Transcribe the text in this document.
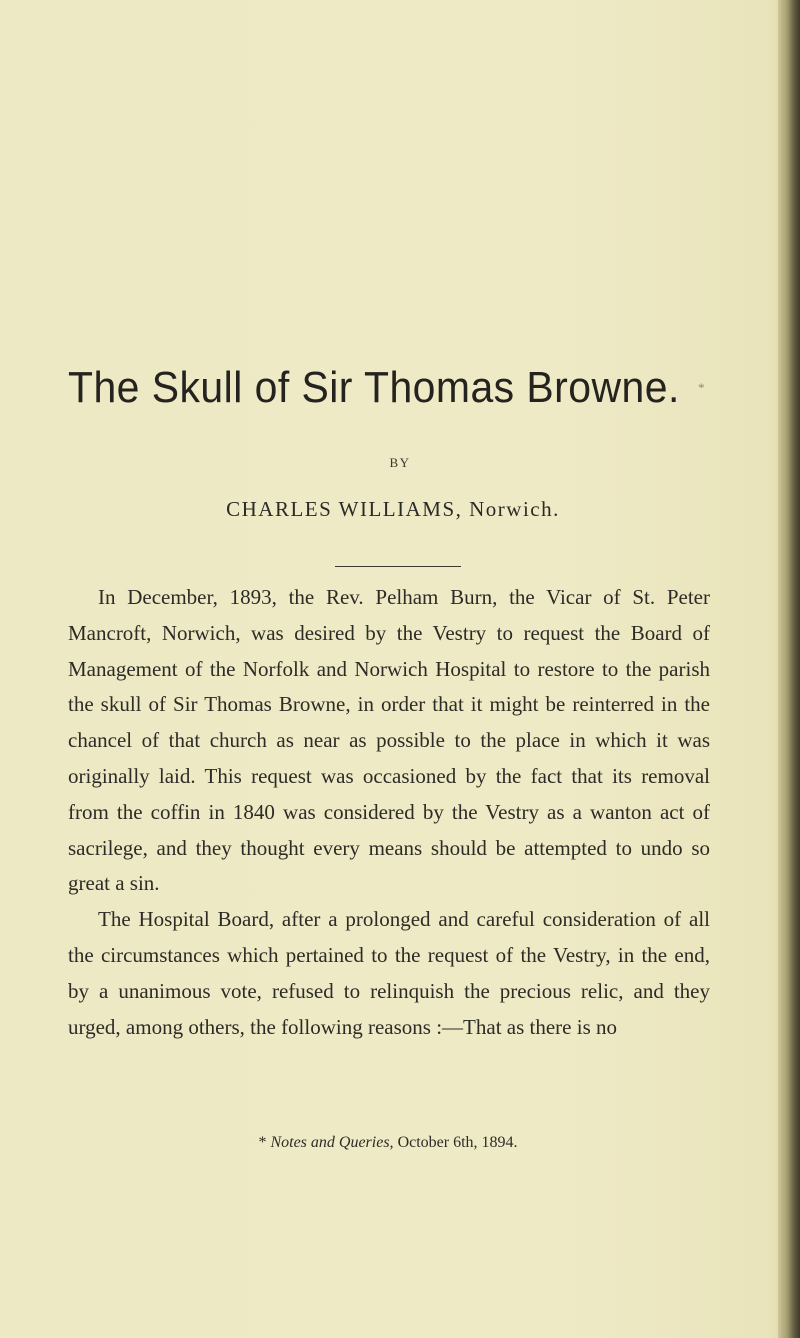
The Skull of Sir Thomas Browne. *
BY
CHARLES WILLIAMS, Norwich.

In December, 1893, the Rev. Pelham Burn, the Vicar of St. Peter Mancroft, Norwich, was desired by the Vestry to request the Board of Management of the Norfolk and Norwich Hospital to restore to the parish the skull of Sir Thomas Browne, in order that it might be reinterred in the chancel of that church as near as possible to the place in which it was originally laid. This request was occasioned by the fact that its removal from the coffin in 1840 was considered by the Vestry as a wanton act of sacrilege, and they thought every means should be attempted to undo so great a sin.

The Hospital Board, after a prolonged and careful consideration of all the circumstances which pertained to the request of the Vestry, in the end, by a unanimous vote, refused to relinquish the precious relic, and they urged, among others, the following reasons :—That as there is no

* Notes and Queries, October 6th, 1894.
